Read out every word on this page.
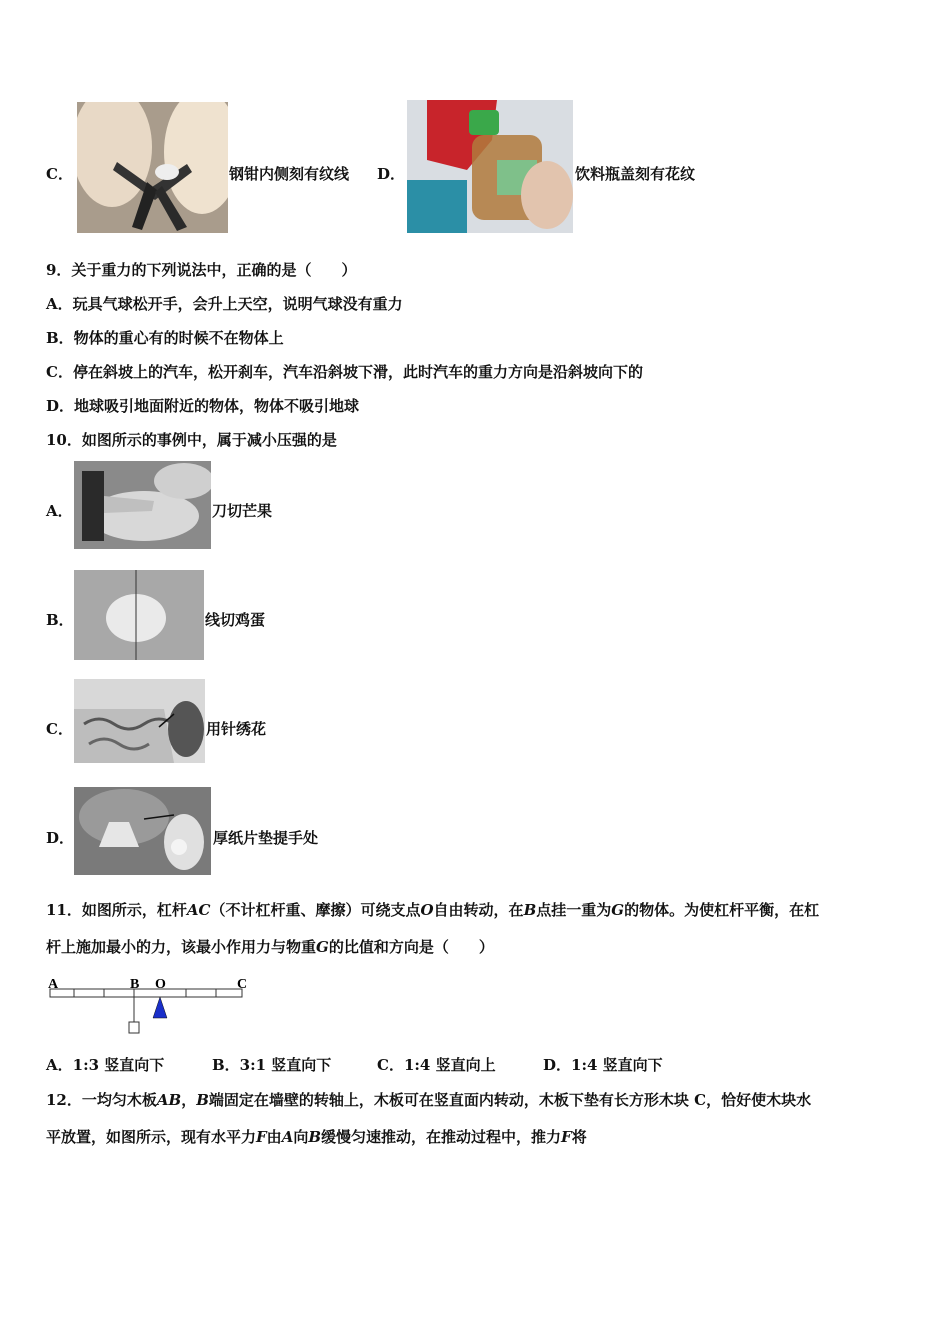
C．	钢钳内侧刻有纹线 D．	饮料瓶盖刻有花纹
9．关于重力的下列说法中，正确的是（　　）
A．玩具气球松开手，会升上天空，说明气球没有重力
B．物体的重心有的时候不在物体上
C．停在斜坡上的汽车，松开刹车，汽车沿斜坡下滑，此时汽车的重力方向是沿斜坡向下的
D．地球吸引地面附近的物体，物体不吸引地球
10．如图所示的事例中，属于减小压强的是
A．	刀切芒果
B．	线切鸡蛋
C．	用针绣花
D．	厚纸片垫提手处
11．如图所示，杠杆AC（不计杠杆重、摩擦）可绕支点O自由转动，在B点挂一重为G的物体。为使杠杆平衡，在杠
杆上施加最小的力，该最小作用力与物重G的比值和方向是（　　）
A	B O	C
A．1:3 竖直向下	B．3:1 竖直向下	C．1:4 竖直向上	D．1:4 竖直向下
12．一均匀木板AB，B端固定在墙壁的转轴上，木板可在竖直面内转动，木板下垫有长方形木块 C，恰好使木块水
平放置，如图所示，现有水平力F由A向B缓慢匀速推动，在推动过程中，推力F将
